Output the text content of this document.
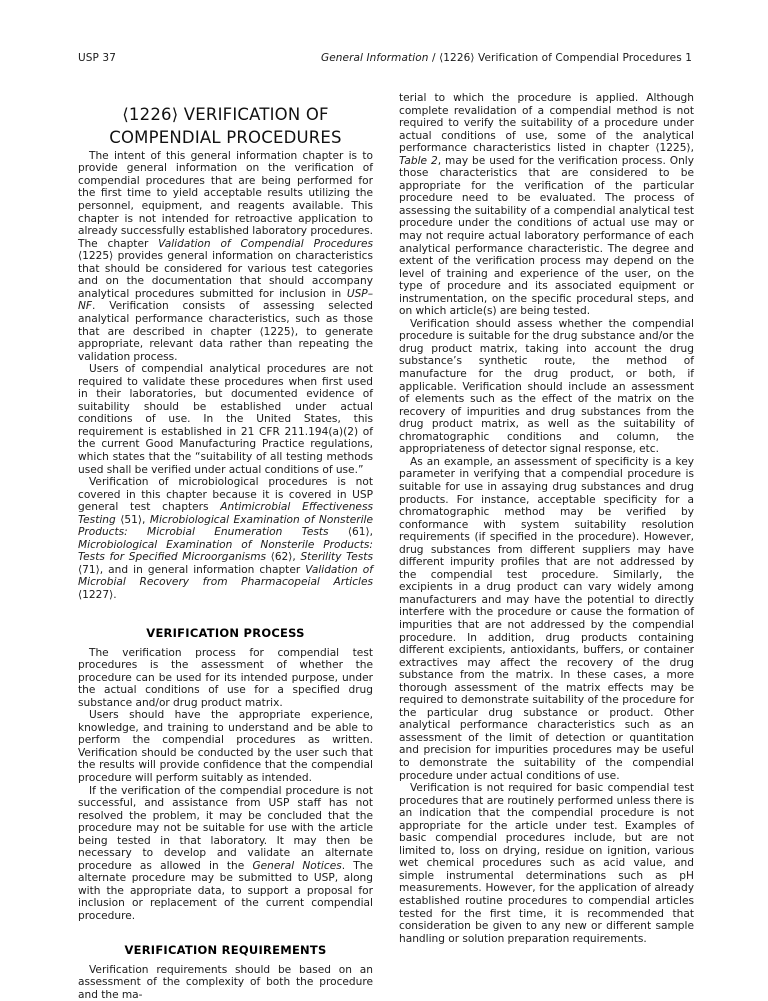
USP 37	General Information / ⟨1226⟩ Verification of Compendial Procedures 1
⟨1226⟩ VERIFICATION OF
COMPENDIAL PROCEDURES

The intent of this general information chapter is to provide general information on the verification of compendial procedures that are being performed for the first time to yield acceptable results utilizing the personnel, equipment, and reagents available. This chapter is not intended for retroactive application to already successfully established laboratory procedures. The chapter Validation of Compendial Procedures ⟨1225⟩ provides general information on characteristics that should be considered for various test categories and on the documentation that should accompany analytical procedures submitted for inclusion in USP–NF. Verification consists of assessing selected analytical performance characteristics, such as those that are described in chapter ⟨1225⟩, to generate appropriate, relevant data rather than repeating the validation process.

Users of compendial analytical procedures are not required to validate these procedures when first used in their laboratories, but documented evidence of suitability should be established under actual conditions of use. In the United States, this requirement is established in 21 CFR 211.194(a)(2) of the current Good Manufacturing Practice regulations, which states that the “suitability of all testing methods used shall be verified under actual conditions of use.”

Verification of microbiological procedures is not covered in this chapter because it is covered in USP general test chapters Antimicrobial Effectiveness Testing ⟨51⟩, Microbiological Examination of Nonsterile Products: Microbial Enumeration Tests ⟨61⟩, Microbiological Examination of Nonsterile Products: Tests for Specified Microorganisms ⟨62⟩, Sterility Tests ⟨71⟩, and in general information chapter Validation of Microbial Recovery from Pharmacopeial Articles ⟨1227⟩.

VERIFICATION PROCESS

The verification process for compendial test procedures is the assessment of whether the procedure can be used for its intended purpose, under the actual conditions of use for a specified drug substance and/or drug product matrix.

Users should have the appropriate experience, knowledge, and training to understand and be able to perform the compendial procedures as written. Verification should be conducted by the user such that the results will provide confidence that the compendial procedure will perform suitably as intended.

If the verification of the compendial procedure is not successful, and assistance from USP staff has not resolved the problem, it may be concluded that the procedure may not be suitable for use with the article being tested in that laboratory. It may then be necessary to develop and validate an alternate procedure as allowed in the General Notices. The alternate procedure may be submitted to USP, along with the appropriate data, to support a proposal for inclusion or replacement of the current compendial procedure.

VERIFICATION REQUIREMENTS

Verification requirements should be based on an assessment of the complexity of both the procedure and the ma-

terial to which the procedure is applied. Although complete revalidation of a compendial method is not required to verify the suitability of a procedure under actual conditions of use, some of the analytical performance characteristics listed in chapter ⟨1225⟩, Table 2, may be used for the verification process. Only those characteristics that are considered to be appropriate for the verification of the particular procedure need to be evaluated. The process of assessing the suitability of a compendial analytical test procedure under the conditions of actual use may or may not require actual laboratory performance of each analytical performance characteristic. The degree and extent of the verification process may depend on the level of training and experience of the user, on the type of procedure and its associated equipment or instrumentation, on the specific procedural steps, and on which article(s) are being tested.

Verification should assess whether the compendial procedure is suitable for the drug substance and/or the drug product matrix, taking into account the drug substance’s synthetic route, the method of manufacture for the drug product, or both, if applicable. Verification should include an assessment of elements such as the effect of the matrix on the recovery of impurities and drug substances from the drug product matrix, as well as the suitability of chromatographic conditions and column, the appropriateness of detector signal response, etc.

As an example, an assessment of specificity is a key parameter in verifying that a compendial procedure is suitable for use in assaying drug substances and drug products. For instance, acceptable specificity for a chromatographic method may be verified by conformance with system suitability resolution requirements (if specified in the procedure). However, drug substances from different suppliers may have different impurity profiles that are not addressed by the compendial test procedure. Similarly, the excipients in a drug product can vary widely among manufacturers and may have the potential to directly interfere with the procedure or cause the formation of impurities that are not addressed by the compendial procedure. In addition, drug products containing different excipients, antioxidants, buffers, or container extractives may affect the recovery of the drug substance from the matrix. In these cases, a more thorough assessment of the matrix effects may be required to demonstrate suitability of the procedure for the particular drug substance or product. Other analytical performance characteristics such as an assessment of the limit of detection or quantitation and precision for impurities procedures may be useful to demonstrate the suitability of the compendial procedure under actual conditions of use.

Verification is not required for basic compendial test procedures that are routinely performed unless there is an indication that the compendial procedure is not appropriate for the article under test. Examples of basic compendial procedures include, but are not limited to, loss on drying, residue on ignition, various wet chemical procedures such as acid value, and simple instrumental determinations such as pH measurements. However, for the application of already established routine procedures to compendial articles tested for the first time, it is recommended that consideration be given to any new or different sample handling or solution preparation requirements.
